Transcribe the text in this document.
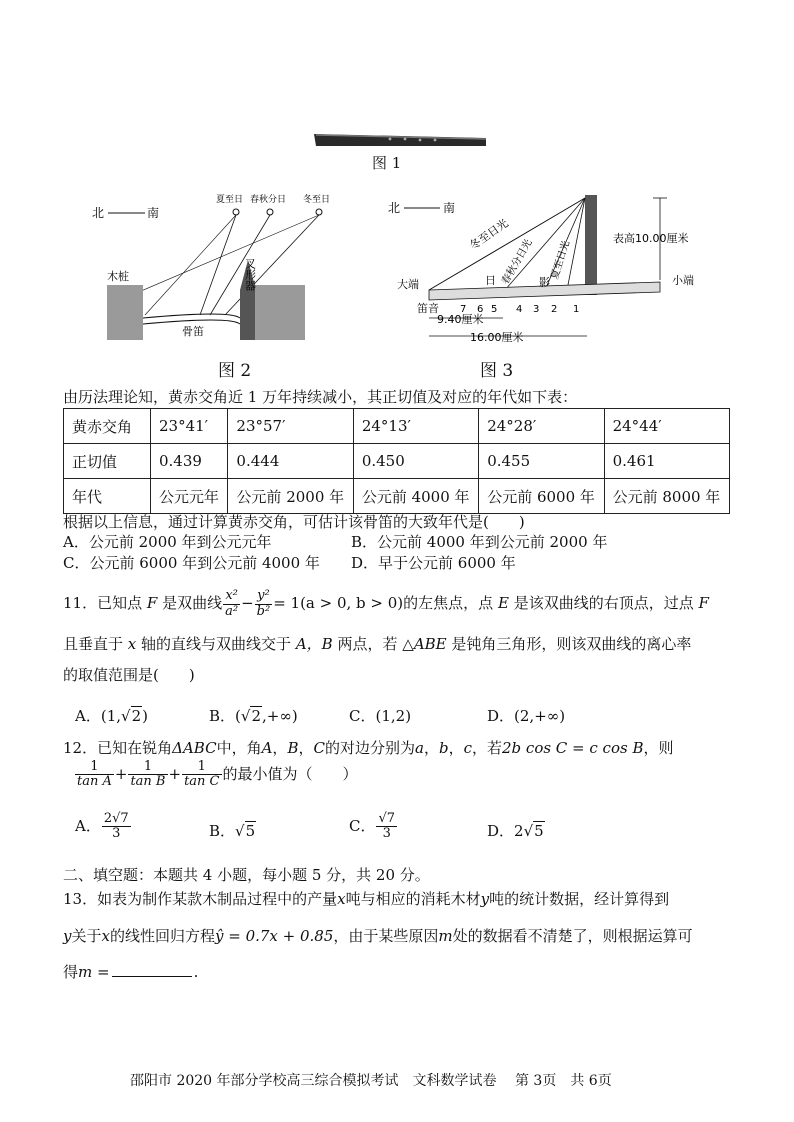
图 1
北	南
夏至日 春秋分日 冬至日
木桩
骨笛
叉形器
图 2
北	南
大端	小端
笛音
冬至日光
春秋分日光 夏至日光
日	影
表高10.00厘米
7 6 5 4 3 2 1
9.40厘米
16.00厘米
图 3
由历法理论知，黄赤交角近 1 万年持续减小，其正切值及对应的年代如下表：
黄赤交角	23°41′	23°57′	24°13′	24°28′	24°44′
正切值	0.439	0.444	0.450	0.455	0.461
年代	公元元年	公元前 2000 年	公元前 4000 年	公元前 6000 年	公元前 8000 年
根据以上信息，通过计算黄赤交角，可估计该骨笛的大致年代是(　　)
A．公元前 2000 年到公元元年	B．公元前 4000 年到公元前 2000 年
C．公元前 6000 年到公元前 4000 年 D．早于公元前 6000 年
11．已知点 F 是双曲线 $\frac{\text{x²}}{\text{a²}} - \frac{\text{y²}}{\text{b²}} = 1(a > 0$, b > 0)的左焦点，点 E 是该双曲线的右顶点，过点 F
且垂直于 x 轴的直线与双曲线交于 A，B 两点，若 △ABE 是钝角三角形，则该双曲线的离心率
的取值范围是(　　)
A．(1,√2)	B．(√2,+∞)	C．(1,2)	D．(2,+∞)
12．已知在锐角ΔABC中，角A，B，C的对边分别为a，b，c，若2b cos C = c cos B，则
$\frac{1}{\text{tan A}} + \frac{1}{\text{tan B}} + \frac{1}{\text{tan C}}$ 的最小值为（　　）
A． $\frac{2√7}{3}$	B．√5	C． $\frac{√7}{3}$	D．2√5
二、填空题：本题共 4 小题，每小题 5 分，共 20 分。
13．如表为制作某款木制品过程中的产量x吨与相应的消耗木材y吨的统计数据，经计算得到
y关于x的线性回归方程ŷ = 0.7x + 0.85，由于某些原因m处的数据看不清楚了，则根据运算可
得m =	.
邵阳市 2020 年部分学校高三综合模拟考试　文科数学试卷　 第 3页　共 6页
